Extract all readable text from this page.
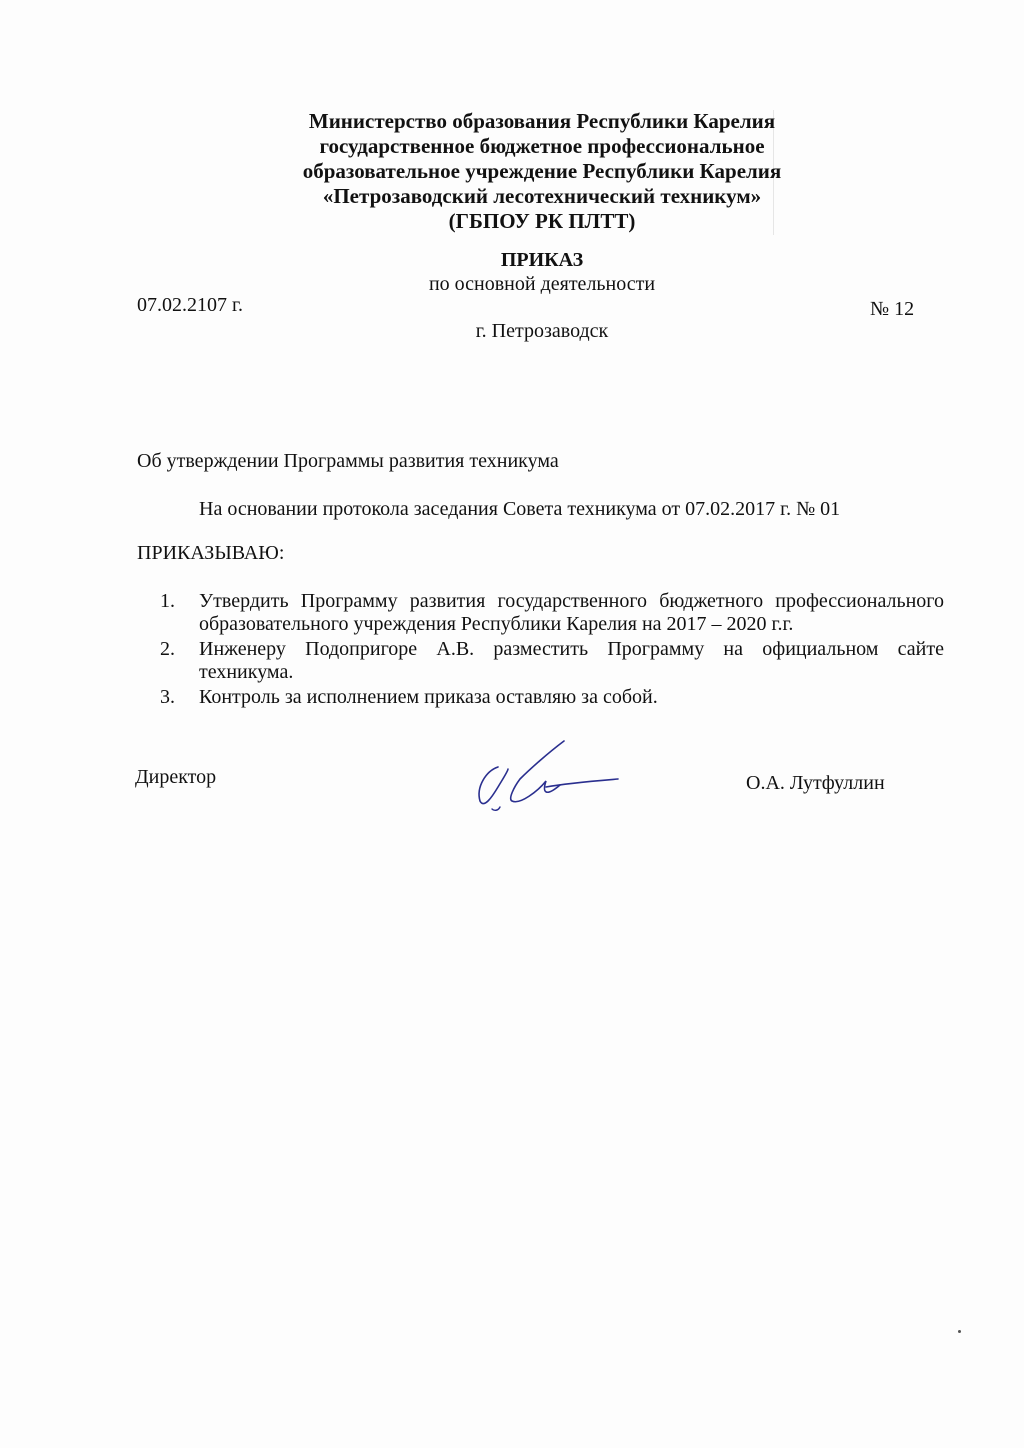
Министерство образования Республики Карелия
государственное бюджетное профессиональное
образовательное учреждение Республики Карелия
«Петрозаводский лесотехнический техникум»
(ГБПОУ РК ПЛТТ)
ПРИКАЗ
по основной деятельности
07.02.2107 г.	№ 12
г. Петрозаводск
Об утверждении Программы развития техникума
На основании протокола заседания Совета техникума от 07.02.2017 г. № 01
ПРИКАЗЫВАЮ:
1. Утвердить Программу развития государственного бюджетного профессионального
образовательного учреждения Республики Карелия на 2017 – 2020 г.г.
2. Инженеру Подопригоре А.В. разместить Программу на официальном сайте
техникума.
3. Контроль за исполнением приказа оставляю за собой.
Директор	О.А. Лутфуллин
